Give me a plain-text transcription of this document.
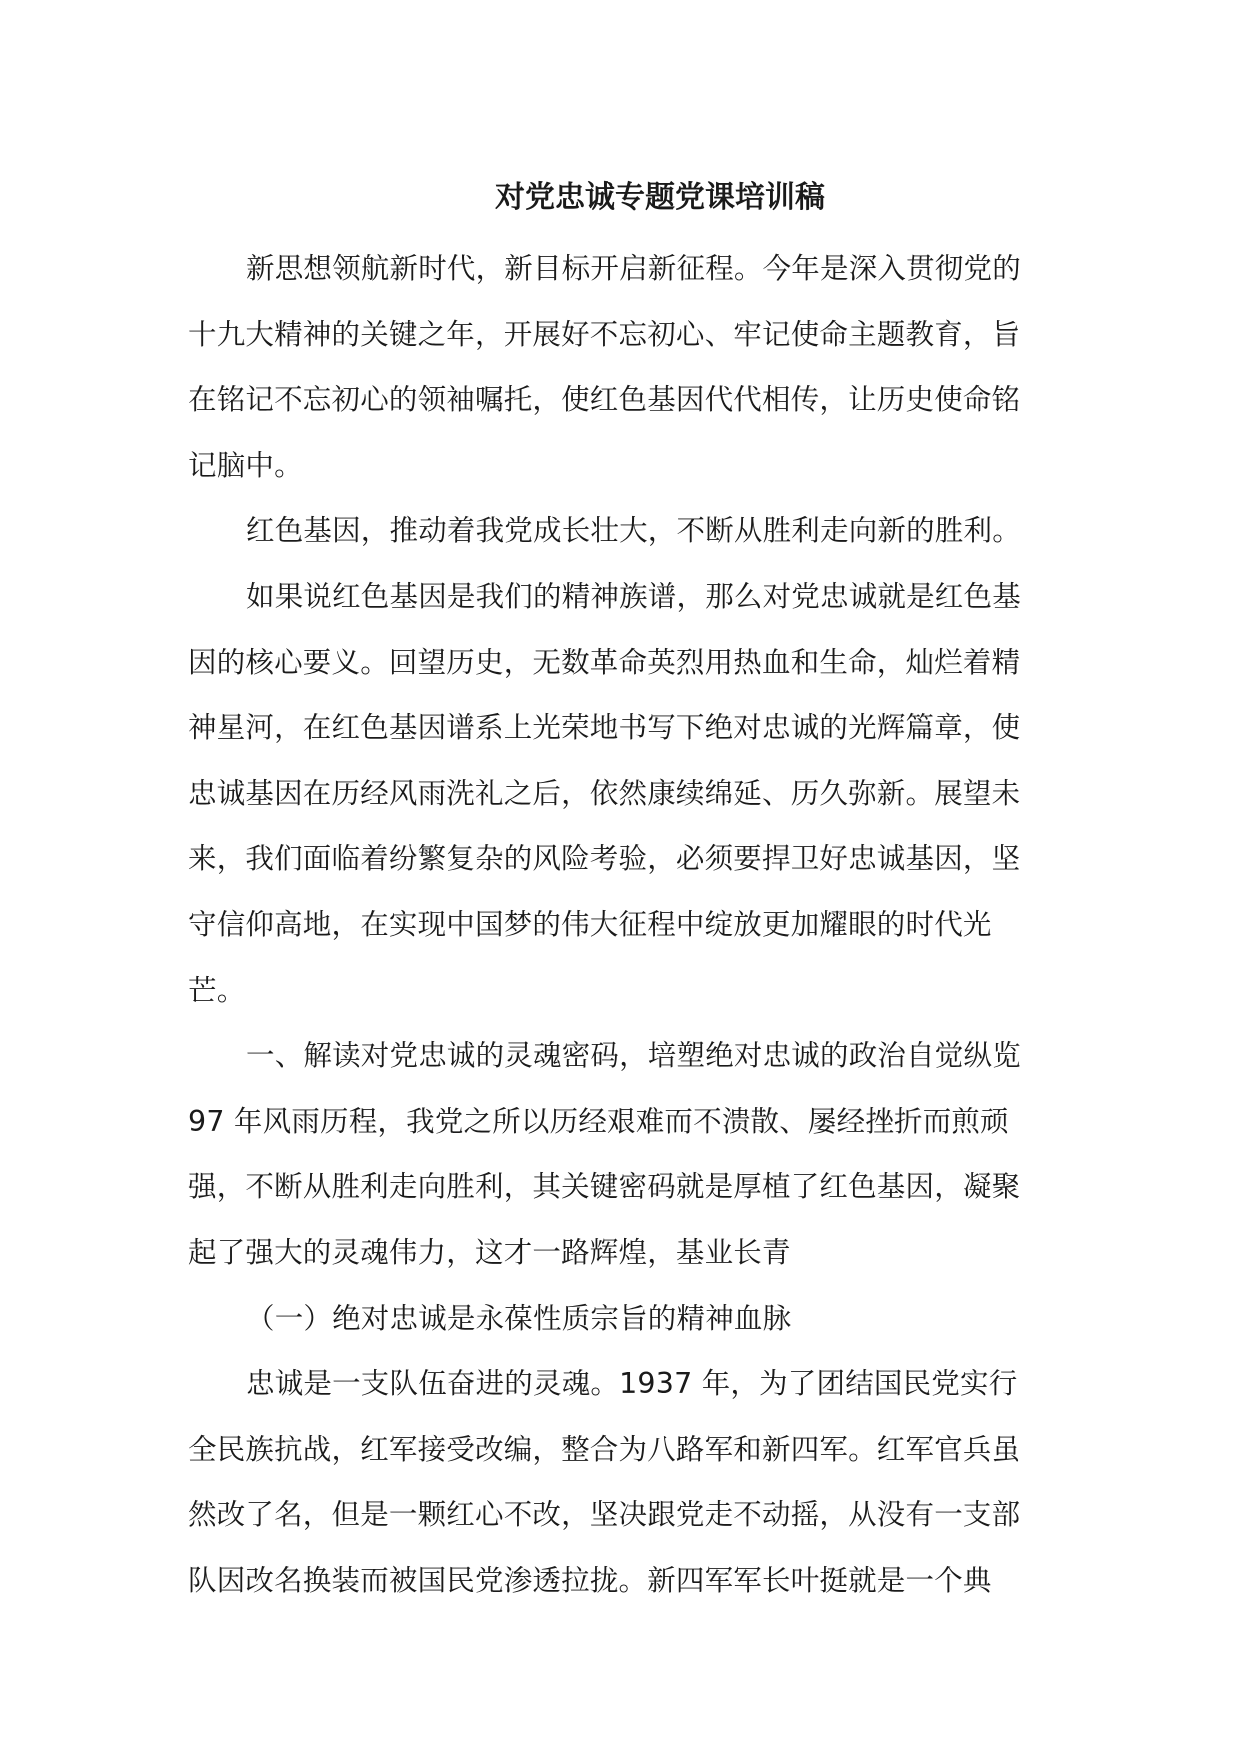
对党忠诚专题党课培训稿
新思想领航新时代，新目标开启新征程。今年是深入贯彻党的
十九大精神的关键之年，开展好不忘初心、牢记使命主题教育，旨
在铭记不忘初心的领袖嘱托，使红色基因代代相传，让历史使命铭
记脑中。
红色基因，推动着我党成长壮大，不断从胜利走向新的胜利。
如果说红色基因是我们的精神族谱，那么对党忠诚就是红色基
因的核心要义。回望历史，无数革命英烈用热血和生命，灿烂着精
神星河，在红色基因谱系上光荣地书写下绝对忠诚的光辉篇章，使
忠诚基因在历经风雨洗礼之后，依然康续绵延、历久弥新。展望未
来，我们面临着纷繁复杂的风险考验，必须要捍卫好忠诚基因，坚
守信仰高地，在实现中国梦的伟大征程中绽放更加耀眼的时代光
芒。
一、解读对党忠诚的灵魂密码，培塑绝对忠诚的政治自觉纵览
97 年风雨历程，我党之所以历经艰难而不溃散、屡经挫折而煎顽
强，不断从胜利走向胜利，其关键密码就是厚植了红色基因，凝聚
起了强大的灵魂伟力，这才一路辉煌，基业长青
（一）绝对忠诚是永葆性质宗旨的精神血脉
忠诚是一支队伍奋进的灵魂。1937 年，为了团结国民党实行
全民族抗战，红军接受改编，整合为八路军和新四军。红军官兵虽
然改了名，但是一颗红心不改，坚决跟党走不动摇，从没有一支部
队因改名换装而被国民党渗透拉拢。新四军军长叶挺就是一个典
